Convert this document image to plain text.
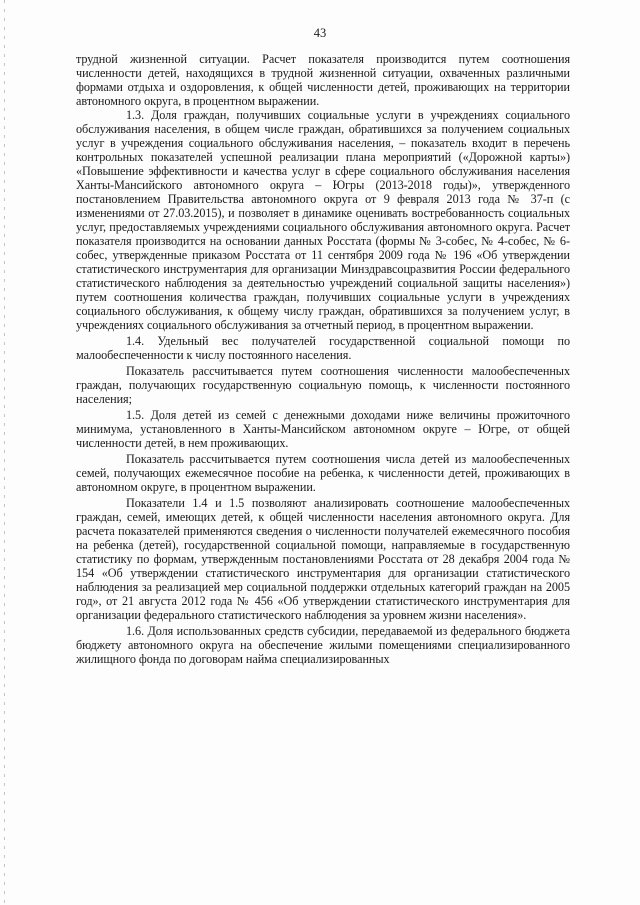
43

трудной жизненной ситуации. Расчет показателя производится путем соотношения численности детей, находящихся в трудной жизненной ситуации, охваченных различными формами отдыха и оздоровления, к общей численности детей, проживающих на территории автономного округа, в процентном выражении.

1.3. Доля граждан, получивших социальные услуги в учреждениях социального обслуживания населения, в общем числе граждан, обратившихся за получением социальных услуг в учреждения социального обслуживания населения, – показатель входит в перечень контрольных показателей успешной реализации плана мероприятий («Дорожной карты») «Повышение эффективности и качества услуг в сфере социального обслуживания населения Ханты-Мансийского автономного округа – Югры (2013-2018 годы)», утвержденного постановлением Правительства автономного округа от 9 февраля 2013 года № 37-п (с изменениями от 27.03.2015), и позволяет в динамике оценивать востребованность социальных услуг, предоставляемых учреждениями социального обслуживания автономного округа. Расчет показателя производится на основании данных Росстата (формы № 3-собес, № 4-собес, № 6-собес, утвержденные приказом Росстата от 11 сентября 2009 года № 196 «Об утверждении статистического инструментария для организации Минздравсоцразвития России федерального статистического наблюдения за деятельностью учреждений социальной защиты населения») путем соотношения количества граждан, получивших социальные услуги в учреждениях социального обслуживания, к общему числу граждан, обратившихся за получением услуг, в учреждениях социального обслуживания за отчетный период, в процентном выражении.

1.4. Удельный вес получателей государственной социальной помощи по малообеспеченности к числу постоянного населения.

Показатель рассчитывается путем соотношения численности малообеспеченных граждан, получающих государственную социальную помощь, к численности постоянного населения;

1.5. Доля детей из семей с денежными доходами ниже величины прожиточного минимума, установленного в Ханты-Мансийском автономном округе – Югре, от общей численности детей, в нем проживающих.

Показатель рассчитывается путем соотношения числа детей из малообеспеченных семей, получающих ежемесячное пособие на ребенка, к численности детей, проживающих в автономном округе, в процентном выражении.

Показатели 1.4 и 1.5 позволяют анализировать соотношение малообеспеченных граждан, семей, имеющих детей, к общей численности населения автономного округа. Для расчета показателей применяются сведения о численности получателей ежемесячного пособия на ребенка (детей), государственной социальной помощи, направляемые в государственную статистику по формам, утвержденным постановлениями Росстата от 28 декабря 2004 года № 154 «Об утверждении статистического инструментария для организации статистического наблюдения за реализацией мер социальной поддержки отдельных категорий граждан на 2005 год», от 21 августа 2012 года № 456 «Об утверждении статистического инструментария для организации федерального статистического наблюдения за уровнем жизни населения».

1.6. Доля использованных средств субсидии, передаваемой из федерального бюджета бюджету автономного округа на обеспечение жилыми помещениями специализированного жилищного фонда по договорам найма специализированных
